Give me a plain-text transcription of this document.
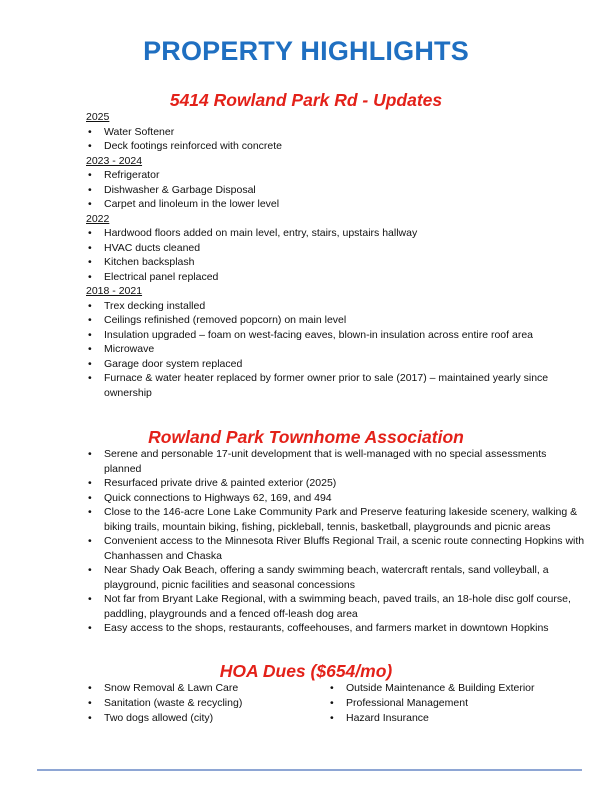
PROPERTY HIGHLIGHTS
5414 Rowland Park Rd - Updates
2025
• Water Softener
• Deck footings reinforced with concrete
2023 - 2024
• Refrigerator
• Dishwasher & Garbage Disposal
• Carpet and linoleum in the lower level
2022
• Hardwood floors added on main level, entry, stairs, upstairs hallway
• HVAC ducts cleaned
• Kitchen backsplash
• Electrical panel replaced
2018 - 2021
• Trex decking installed
• Ceilings refinished (removed popcorn) on main level
• Insulation upgraded – foam on west-facing eaves, blown-in insulation across entire roof area
• Microwave
• Garage door system replaced
• Furnace & water heater replaced by former owner prior to sale (2017) – maintained yearly since ownership
Rowland Park Townhome Association
• Serene and personable 17-unit development that is well-managed with no special assessments planned
• Resurfaced private drive & painted exterior (2025)
• Quick connections to Highways 62, 169, and 494
• Close to the 146-acre Lone Lake Community Park and Preserve featuring lakeside scenery, walking & biking trails, mountain biking, fishing, pickleball, tennis, basketball, playgrounds and picnic areas
• Convenient access to the Minnesota River Bluffs Regional Trail, a scenic route connecting Hopkins with Chanhassen and Chaska
• Near Shady Oak Beach, offering a sandy swimming beach, watercraft rentals, sand volleyball, a playground, picnic facilities and seasonal concessions
• Not far from Bryant Lake Regional, with a swimming beach, paved trails, an 18-hole disc golf course, paddling, playgrounds and a fenced off-leash dog area
• Easy access to the shops, restaurants, coffeehouses, and farmers market in downtown Hopkins
HOA Dues ($654/mo)
• Snow Removal & Lawn Care
• Sanitation (waste & recycling)
• Two dogs allowed (city)
• Outside Maintenance & Building Exterior
• Professional Management
• Hazard Insurance
